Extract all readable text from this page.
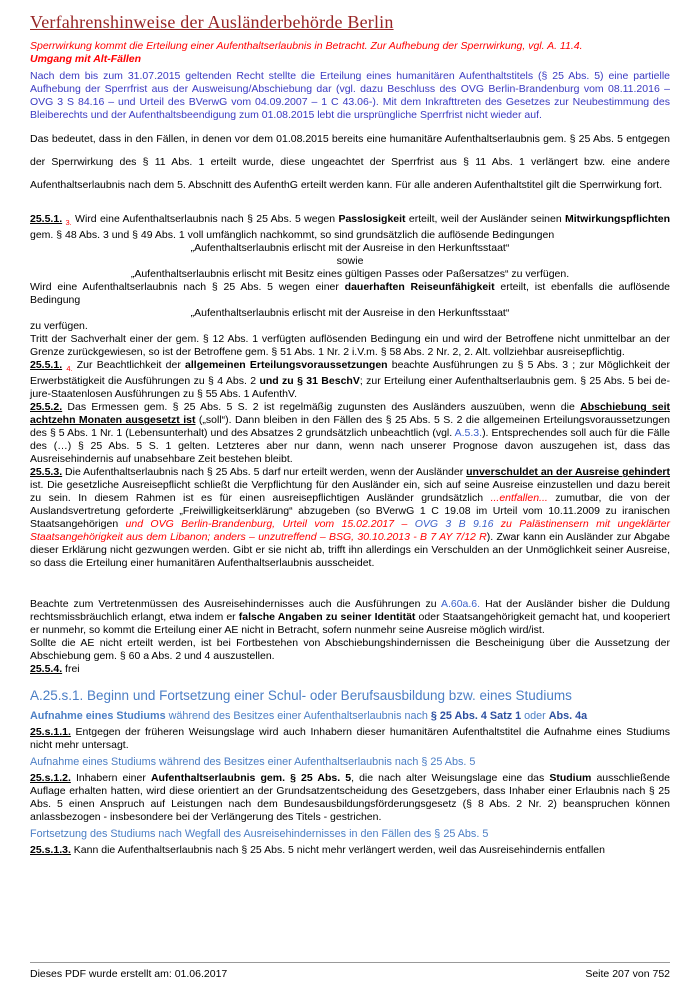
Verfahrenshinweise der Ausländerbehörde Berlin
Sperrwirkung kommt die Erteilung einer Aufenthaltserlaubnis in Betracht. Zur Aufhebung der Sperrwirkung, vgl. A. 11.4.
Umgang mit Alt-Fällen
Nach dem bis zum 31.07.2015 geltenden Recht stellte die Erteilung eines humanitären Aufenthaltstitels (§ 25 Abs. 5) eine partielle Aufhebung der Sperrfrist aus der Ausweisung/Abschiebung dar (vgl. dazu Beschluss des OVG Berlin-Brandenburg vom 08.11.2016 – OVG 3 S 84.16 – und Urteil des BVerwG vom 04.09.2007 – 1 C 43.06-). Mit dem Inkrafttreten des Gesetzes zur Neubestimmung des Bleiberechts und der Aufenthaltsbeendigung zum 01.08.2015 lebt die ursprüngliche Sperrfrist nicht wieder auf.
Das bedeutet, dass in den Fällen, in denen vor dem 01.08.2015 bereits eine humanitäre Aufenthaltserlaubnis gem. § 25 Abs. 5 entgegen der Sperrwirkung des § 11 Abs. 1 erteilt wurde, diese ungeachtet der Sperrfrist aus § 11 Abs. 1 verlängert bzw. eine andere Aufenthaltserlaubnis nach dem 5. Abschnitt des AufenthG erteilt werden kann. Für alle anderen Aufenthaltstitel gilt die Sperrwirkung fort.
25.5.1. $_{3.}$ Wird eine Aufenthaltserlaubnis nach § 25 Abs. 5 wegen Passlosigkeit erteilt, weil der Ausländer seinen Mitwirkungspflichten gem. § 48 Abs. 3 und § 49 Abs. 1 voll umfänglich nachkommt, so sind grundsätzlich die auflösende Bedingungen
„Aufenthaltserlaubnis erlischt mit der Ausreise in den Herkunftsstaat“
sowie
„Aufenthaltserlaubnis erlischt mit Besitz eines gültigen Passes oder Paßersatzes“ zu verfügen.
Wird eine Aufenthaltserlaubnis nach § 25 Abs. 5 wegen einer dauerhaften Reiseunfähigkeit erteilt, ist ebenfalls die auflösende Bedingung
„Aufenthaltserlaubnis erlischt mit der Ausreise in den Herkunftsstaat“
zu verfügen.
Tritt der Sachverhalt einer der gem. § 12 Abs. 1 verfügten auflösenden Bedingung ein und wird der Betroffene nicht unmittelbar an der Grenze zurückgewiesen, so ist der Betroffene gem. § 51 Abs. 1 Nr. 2 i.V.m. § 58 Abs. 2 Nr. 2, 2. Alt. vollziehbar ausreisepflichtig.
25.5.1. $_{4.}$ Zur Beachtlichkeit der allgemeinen Erteilungsvoraussetzungen beachte Ausführungen zu § 5 Abs. 3 ; zur Möglichkeit der Erwerbstätigkeit die Ausführungen zu § 4 Abs. 2 und zu § 31 BeschV; zur Erteilung einer Aufenthaltserlaubnis gem. § 25 Abs. 5 bei de-jure-Staatenlosen Ausführungen zu § 55 Abs. 1 AufenthV.
25.5.2. Das Ermessen gem. § 25 Abs. 5 S. 2 ist regelmäßig zugunsten des Ausländers auszuüben, wenn die Abschiebung seit achtzehn Monaten ausgesetzt ist („soll“). Dann bleiben in den Fällen des § 25 Abs. 5 S. 2 die allgemeinen Erteilungsvoraussetzungen des § 5 Abs. 1 Nr. 1 (Lebensunterhalt) und des Absatzes 2 grundsätzlich unbeachtlich (vgl. A.5.3.). Entsprechendes soll auch für die Fälle des (…) § 25 Abs. 5 S. 1 gelten. Letzteres aber nur dann, wenn nach unserer Prognose davon auszugehen ist, dass das Ausreisehindernis auf unabsehbare Zeit bestehen bleibt.
25.5.3. Die Aufenthaltserlaubnis nach § 25 Abs. 5 darf nur erteilt werden, wenn der Ausländer unverschuldet an der Ausreise gehindert ist. Die gesetzliche Ausreisepflicht schließt die Verpflichtung für den Ausländer ein, sich auf seine Ausreise einzustellen und dazu bereit zu sein. In diesem Rahmen ist es für einen ausreisepflichtigen Ausländer grundsätzlich ...entfallen... zumutbar, die von der Auslandsvertretung geforderte „Freiwilligkeitserklärung“ abzugeben (so BVerwG 1 C 19.08 im Urteil vom 10.11.2009 zu iranischen Staatsangehörigen und OVG Berlin-Brandenburg, Urteil vom 15.02.2017 – OVG 3 B 9.16 zu Palästinensern mit ungeklärter Staatsangehörigkeit aus dem Libanon; anders – unzutreffend – BSG, 30.10.2013 - B 7 AY 7/12 R). Zwar kann ein Ausländer zur Abgabe dieser Erklärung nicht gezwungen werden. Gibt er sie nicht ab, trifft ihn allerdings ein Verschulden an der Unmöglichkeit seiner Ausreise, so dass die Erteilung einer humanitären Aufenthaltserlaubnis ausscheidet.
Beachte zum Vertretenmüssen des Ausreisehindernisses auch die Ausführungen zu A.60a.6. Hat der Ausländer bisher die Duldung rechtsmissbräuchlich erlangt, etwa indem er falsche Angaben zu seiner Identität oder Staatsangehörigkeit gemacht hat, und kooperiert er nunmehr, so kommt die Erteilung einer AE nicht in Betracht, sofern nunmehr seine Ausreise möglich wird/ist.
Sollte die AE nicht erteilt werden, ist bei Fortbestehen von Abschiebungshindernissen die Bescheinigung über die Aussetzung der Abschiebung gem. § 60 a Abs. 2 und 4 auszustellen.
25.5.4. frei
A.25.s.1. Beginn und Fortsetzung einer Schul- oder Berufsausbildung bzw. eines Studiums
Aufnahme eines Studiums während des Besitzes einer Aufenthaltserlaubnis nach § 25 Abs. 4 Satz 1 oder Abs. 4a
25.s.1.1. Entgegen der früheren Weisungslage wird auch Inhabern dieser humanitären Aufenthaltstitel die Aufnahme eines Studiums nicht mehr untersagt.
Aufnahme eines Studiums während des Besitzes einer Aufenthaltserlaubnis nach § 25 Abs. 5
25.s.1.2. Inhabern einer Aufenthaltserlaubnis gem. § 25 Abs. 5, die nach alter Weisungslage eine das Studium ausschließende Auflage erhalten hatten, wird diese orientiert an der Grundsatzentscheidung des Gesetzgebers, dass Inhaber einer Erlaubnis nach § 25 Abs. 5 einen Anspruch auf Leistungen nach dem Bundesausbildungsförderungsgesetz (§ 8 Abs. 2 Nr. 2) beanspruchen können anlassbezogen - insbesondere bei der Verlängerung des Titels - gestrichen.
Fortsetzung des Studiums nach Wegfall des Ausreisehindernisses in den Fällen des § 25 Abs. 5
25.s.1.3. Kann die Aufenthaltserlaubnis nach § 25 Abs. 5 nicht mehr verlängert werden, weil das Ausreisehindernis entfallen
Dieses PDF wurde erstellt am: 01.06.2017	Seite 207 von 752
